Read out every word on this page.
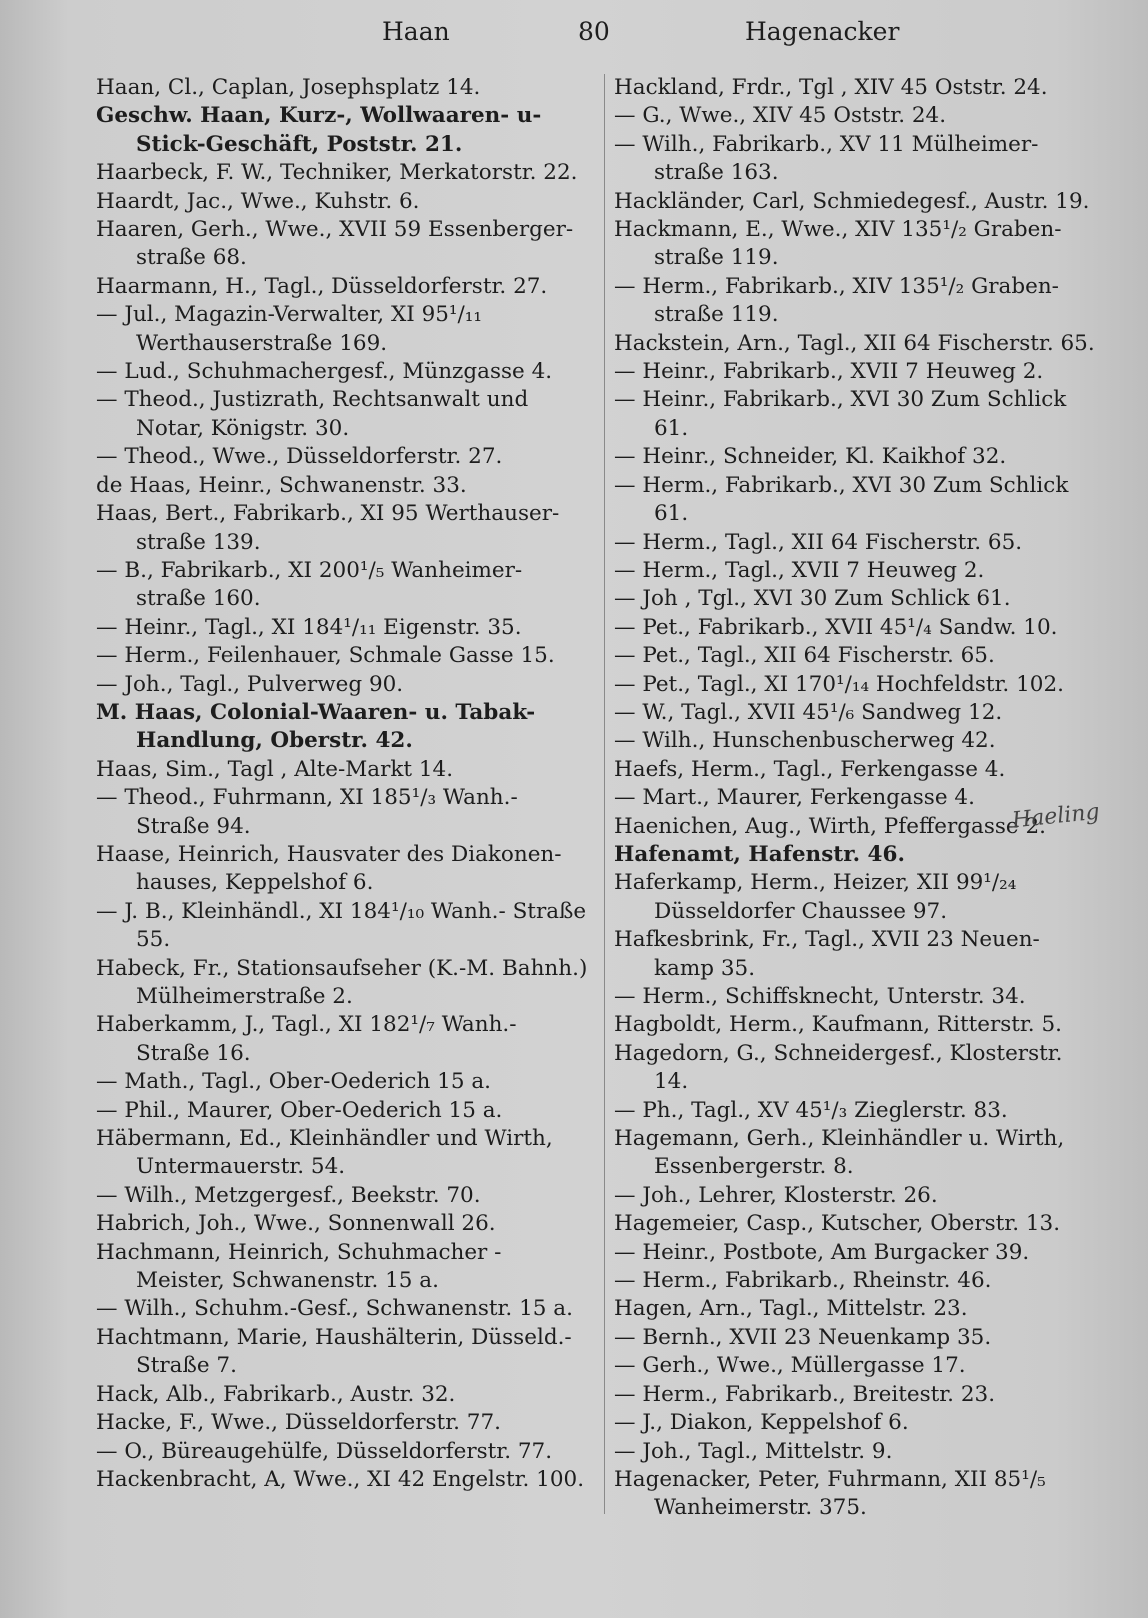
Haan	80	Hagenacker
Haan, Cl., Caplan, Josephsplatz 14.
Geschw. Haan, Kurz-, Wollwaaren- u- Stick-Geschäft, Poststr. 21.
Haarbeck, F. W., Techniker, Merkatorstr. 22.
Haardt, Jac., Wwe., Kuhstr. 6.
Haaren, Gerh., Wwe., XVII 59 Essenberger- straße 68.
Haarmann, H., Tagl., Düsseldorferstr. 27.
— Jul., Magazin-Verwalter, XI 95¹/₁₁ Werthauserstraße 169.
— Lud., Schuhmachergesf., Münzgasse 4.
— Theod., Justizrath, Rechtsanwalt und Notar, Königstr. 30.
— Theod., Wwe., Düsseldorferstr. 27.
de Haas, Heinr., Schwanenstr. 33.
Haas, Bert., Fabrikarb., XI 95 Werthauser- straße 139.
— B., Fabrikarb., XI 200¹/₅ Wanheimer- straße 160.
— Heinr., Tagl., XI 184¹/₁₁ Eigenstr. 35.
— Herm., Feilenhauer, Schmale Gasse 15.
— Joh., Tagl., Pulverweg 90.
M. Haas, Colonial-Waaren- u. Tabak- Handlung, Oberstr. 42.
Haas, Sim., Tagl , Alte-Markt 14.
— Theod., Fuhrmann, XI 185¹/₃ Wanh.- Straße 94.
Haase, Heinrich, Hausvater des Diakonen- hauses, Keppelshof 6.
— J. B., Kleinhändl., XI 184¹/₁₀ Wanh.- Straße 55.
Habeck, Fr., Stationsaufseher (K.-M. Bahnh.) Mülheimerstraße 2.
Haberkamm, J., Tagl., XI 182¹/₇ Wanh.- Straße 16.
— Math., Tagl., Ober-Oederich 15 a.
— Phil., Maurer, Ober-Oederich 15 a.
Häbermann, Ed., Kleinhändler und Wirth, Untermauerstr. 54.
— Wilh., Metzgergesf., Beekstr. 70.
Habrich, Joh., Wwe., Sonnenwall 26.
Hachmann, Heinrich, Schuhmacher - Meister, Schwanenstr. 15 a.
— Wilh., Schuhm.-Gesf., Schwanenstr. 15 a.
Hachtmann, Marie, Haushälterin, Düsseld.- Straße 7.
Hack, Alb., Fabrikarb., Austr. 32.
Hacke, F., Wwe., Düsseldorferstr. 77.
— O., Büreaugehülfe, Düsseldorferstr. 77.
Hackenbracht, A, Wwe., XI 42 Engelstr. 100.
Hackland, Frdr., Tgl , XIV 45 Oststr. 24.
— G., Wwe., XIV 45 Oststr. 24.
— Wilh., Fabrikarb., XV 11 Mülheimer- straße 163.
Hackländer, Carl, Schmiedegesf., Austr. 19.
Hackmann, E., Wwe., XIV 135¹/₂ Graben- straße 119.
— Herm., Fabrikarb., XIV 135¹/₂ Graben- straße 119.
Hackstein, Arn., Tagl., XII 64 Fischerstr. 65.
— Heinr., Fabrikarb., XVII 7 Heuweg 2.
— Heinr., Fabrikarb., XVI 30 Zum Schlick 61.
— Heinr., Schneider, Kl. Kaikhof 32.
— Herm., Fabrikarb., XVI 30 Zum Schlick 61.
— Herm., Tagl., XII 64 Fischerstr. 65.
— Herm., Tagl., XVII 7 Heuweg 2.
— Joh , Tgl., XVI 30 Zum Schlick 61.
— Pet., Fabrikarb., XVII 45¹/₄ Sandw. 10.
— Pet., Tagl., XII 64 Fischerstr. 65.
— Pet., Tagl., XI 170¹/₁₄ Hochfeldstr. 102.
— W., Tagl., XVII 45¹/₆ Sandweg 12.
— Wilh., Hunschenbuscherweg 42.
Haefs, Herm., Tagl., Ferkengasse 4.
— Mart., Maurer, Ferkengasse 4.
Haenichen, Aug., Wirth, Pfeffergasse 2.
Hafenamt, Hafenstr. 46.
Haferkamp, Herm., Heizer, XII 99¹/₂₄ Düsseldorfer Chaussee 97.
Hafkesbrink, Fr., Tagl., XVII 23 Neuen- kamp 35.
— Herm., Schiffsknecht, Unterstr. 34.
Hagboldt, Herm., Kaufmann, Ritterstr. 5.
Hagedorn, G., Schneidergesf., Klosterstr. 14.
— Ph., Tagl., XV 45¹/₃ Zieglerstr. 83.
Hagemann, Gerh., Kleinhändler u. Wirth, Essenbergerstr. 8.
— Joh., Lehrer, Klosterstr. 26.
Hagemeier, Casp., Kutscher, Oberstr. 13.
— Heinr., Postbote, Am Burgacker 39.
— Herm., Fabrikarb., Rheinstr. 46.
Hagen, Arn., Tagl., Mittelstr. 23.
— Bernh., XVII 23 Neuenkamp 35.
— Gerh., Wwe., Müllergasse 17.
— Herm., Fabrikarb., Breitestr. 23.
— J., Diakon, Keppelshof 6.
— Joh., Tagl., Mittelstr. 9.
Hagenacker, Peter, Fuhrmann, XII 85¹/₅ Wanheimerstr. 375.
Haeling
